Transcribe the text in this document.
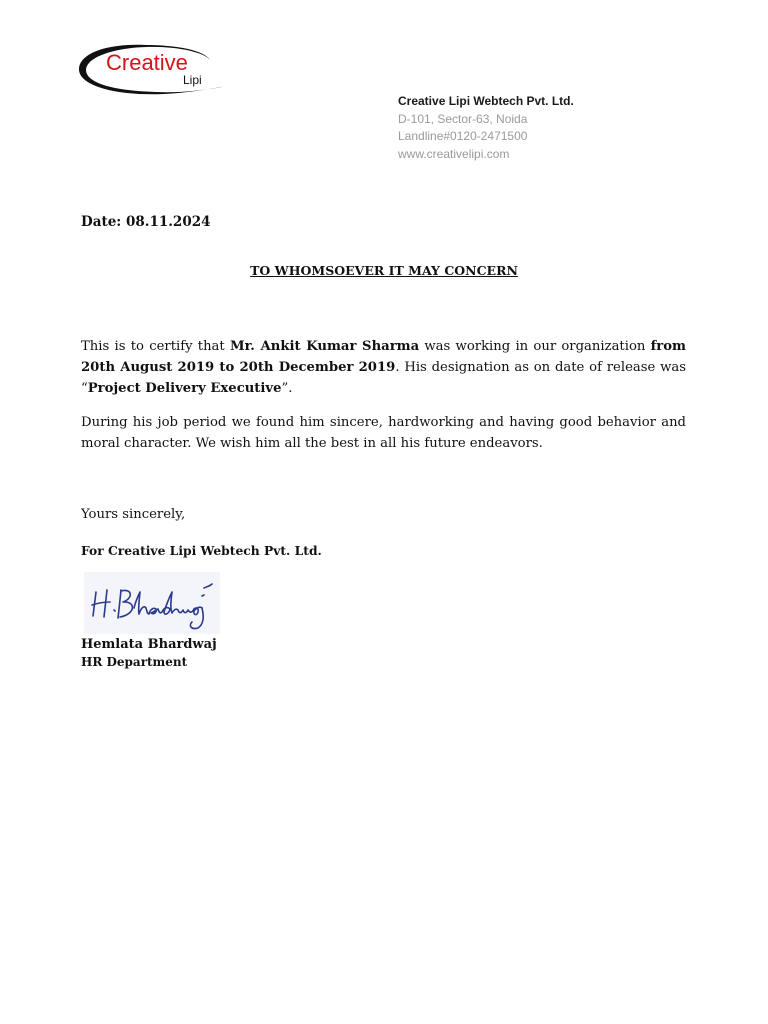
Creative
Lipi
Creative Lipi Webtech Pvt. Ltd.
D-101, Sector-63, Noida
Landline#0120-2471500
www.creativelipi.com
Date: 08.11.2024
TO WHOMSOEVER IT MAY CONCERN
This is to certify that Mr. Ankit Kumar Sharma was working in our organization from 20th August 2019 to 20th December 2019. His designation as on date of release was “Project Delivery Executive”.
During his job period we found him sincere, hardworking and having good behavior and moral character. We wish him all the best in all his future endeavors.
Yours sincerely,
For Creative Lipi Webtech Pvt. Ltd.
Hemlata Bhardwaj
HR Department
